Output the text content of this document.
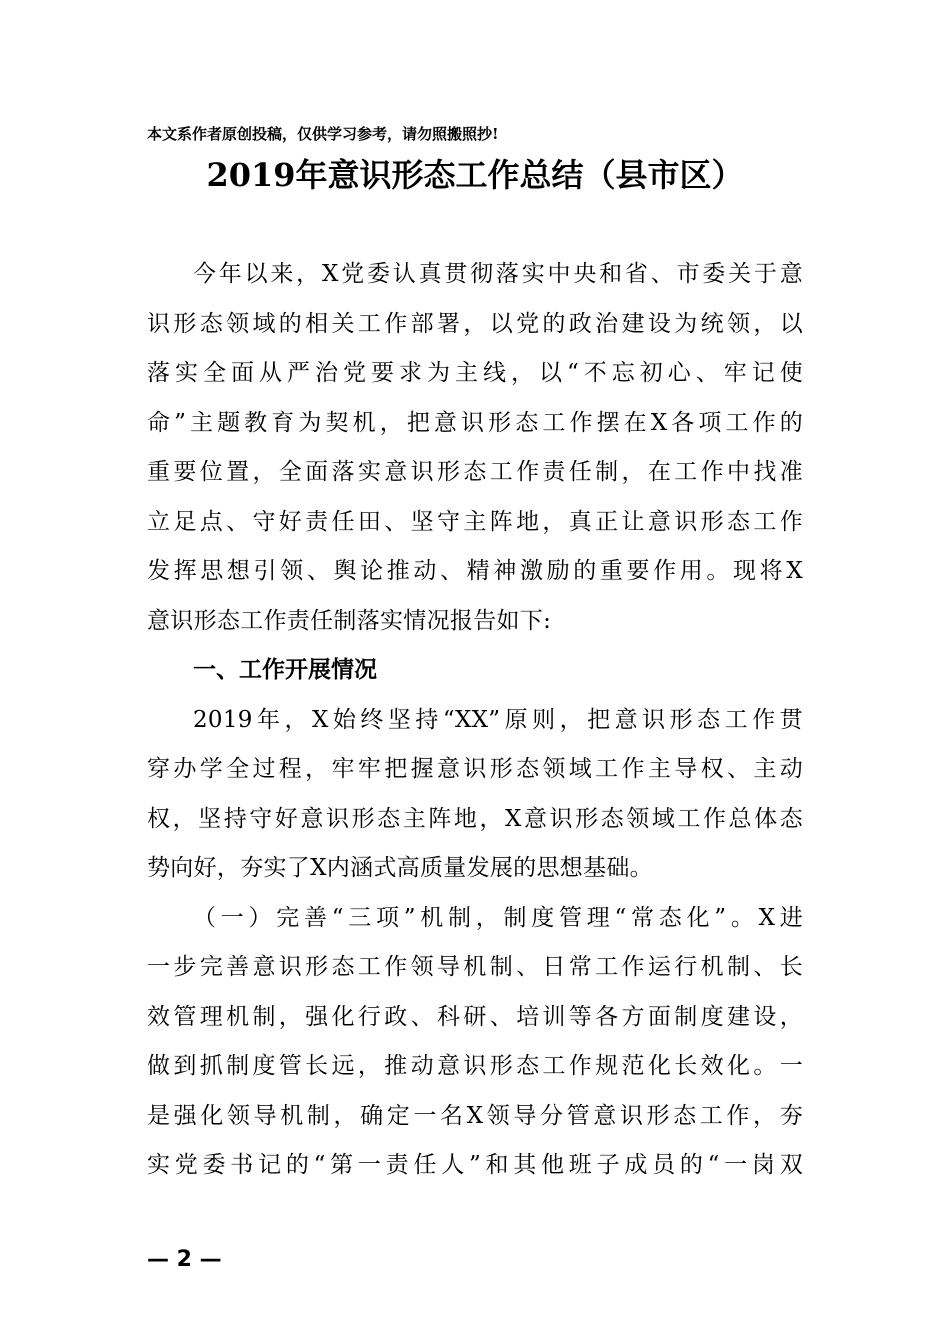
本文系作者原创投稿，仅供学习参考，请勿照搬照抄!
2019年意识形态工作总结（县市区）

今年以来，X党委认真贯彻落实中央和省、市委关于意
识形态领域的相关工作部署，以党的政治建设为统领，以
落实全面从严治党要求为主线，以“不忘初心、牢记使
命”主题教育为契机，把意识形态工作摆在X各项工作的
重要位置，全面落实意识形态工作责任制，在工作中找准
立足点、守好责任田、坚守主阵地，真正让意识形态工作
发挥思想引领、舆论推动、精神激励的重要作用。现将X
意识形态工作责任制落实情况报告如下:

一、工作开展情况

2019年，X始终坚持“XX”原则，把意识形态工作贯
穿办学全过程，牢牢把握意识形态领域工作主导权、主动
权，坚持守好意识形态主阵地，X意识形态领域工作总体态
势向好，夯实了X内涵式高质量发展的思想基础。

（一）完善“三项”机制，制度管理“常态化”。X进
一步完善意识形态工作领导机制、日常工作运行机制、长
效管理机制，强化行政、科研、培训等各方面制度建设，
做到抓制度管长远，推动意识形态工作规范化长效化。一
是强化领导机制，确定一名X领导分管意识形态工作，夯
实党委书记的“第一责任人”和其他班子成员的“一岗双

— 2 —
